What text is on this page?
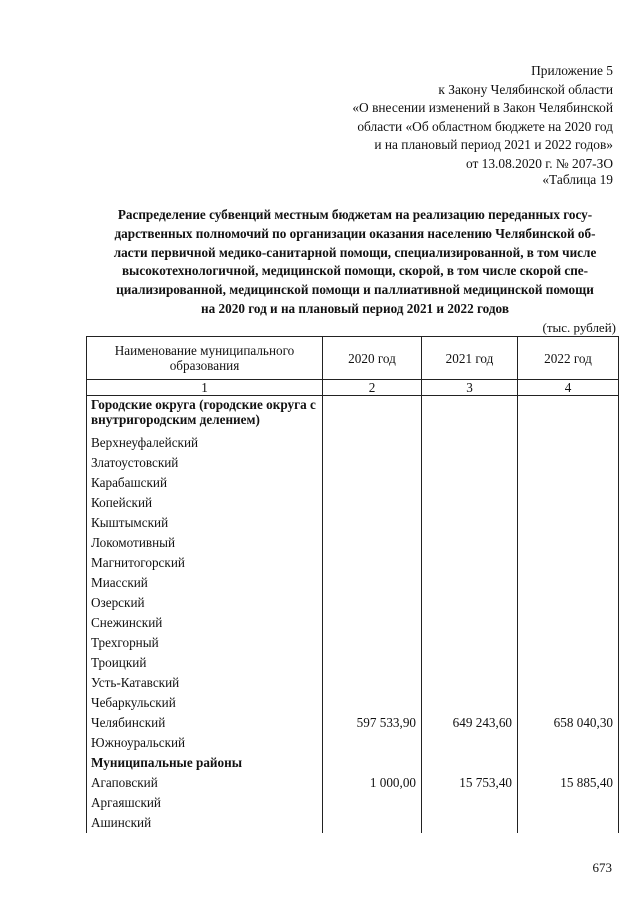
Приложение 5
к Закону Челябинской области
«О внесении изменений в Закон Челябинской
области «Об областном бюджете на 2020 год
и на плановый период 2021 и 2022 годов»
от 13.08.2020 г. № 207-ЗО
«Таблица 19
Распределение субвенций местным бюджетам на реализацию переданных госу-
дарственных полномочий по организации оказания населению Челябинской об-
ласти первичной медико-санитарной помощи, специализированной, в том числе
высокотехнологичной, медицинской помощи, скорой, в том числе скорой спе-
циализированной, медицинской помощи и паллиативной медицинской помощи
на 2020 год и на плановый период 2021 и 2022 годов
(тыс. рублей)
Наименование муниципального образования	2020 год	2021 год	2022 год
1	2	3	4
Городские округа (городские округа с внутригородским делением)			
Верхнеуфалейский			
Златоустовский			
Карабашский			
Копейский			
Кыштымский			
Локомотивный			
Магнитогорский			
Миасский			
Озерский			
Снежинский			
Трехгорный			
Троицкий			
Усть-Катавский			
Чебаркульский			
Челябинский	597 533,90	649 243,60	658 040,30
Южноуральский			
Муниципальные районы			
Агаповский	1 000,00	15 753,40	15 885,40
Аргаяшский			
Ашинский			
673
